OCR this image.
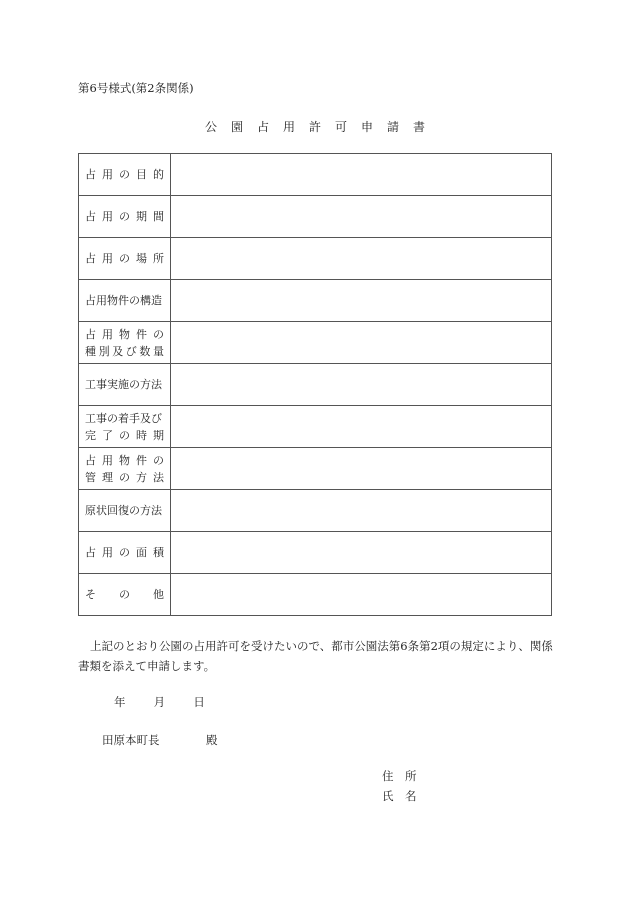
第6号様式(第2条関係)
公園占用許可申請書
占 用 の 目 的	

占 用 の 期 間	

占 用 の 場 所	

占用物件の構造	

占 用 物 件 の
種 別 及 び 数 量

工事実施の方法	

工事の着手及び
完 了 の 時 期

占 用 物 件 の
管 理 の 方 法

原状回復の方法	

占 用 の 面 積	

そ の 他	

上記のとおり公園の占用許可を受けたいので、都市公園法第6条第2項の規定により、関係書類を添えて申請します。
年 月 日
田原本町長	殿
住　所
氏　名
